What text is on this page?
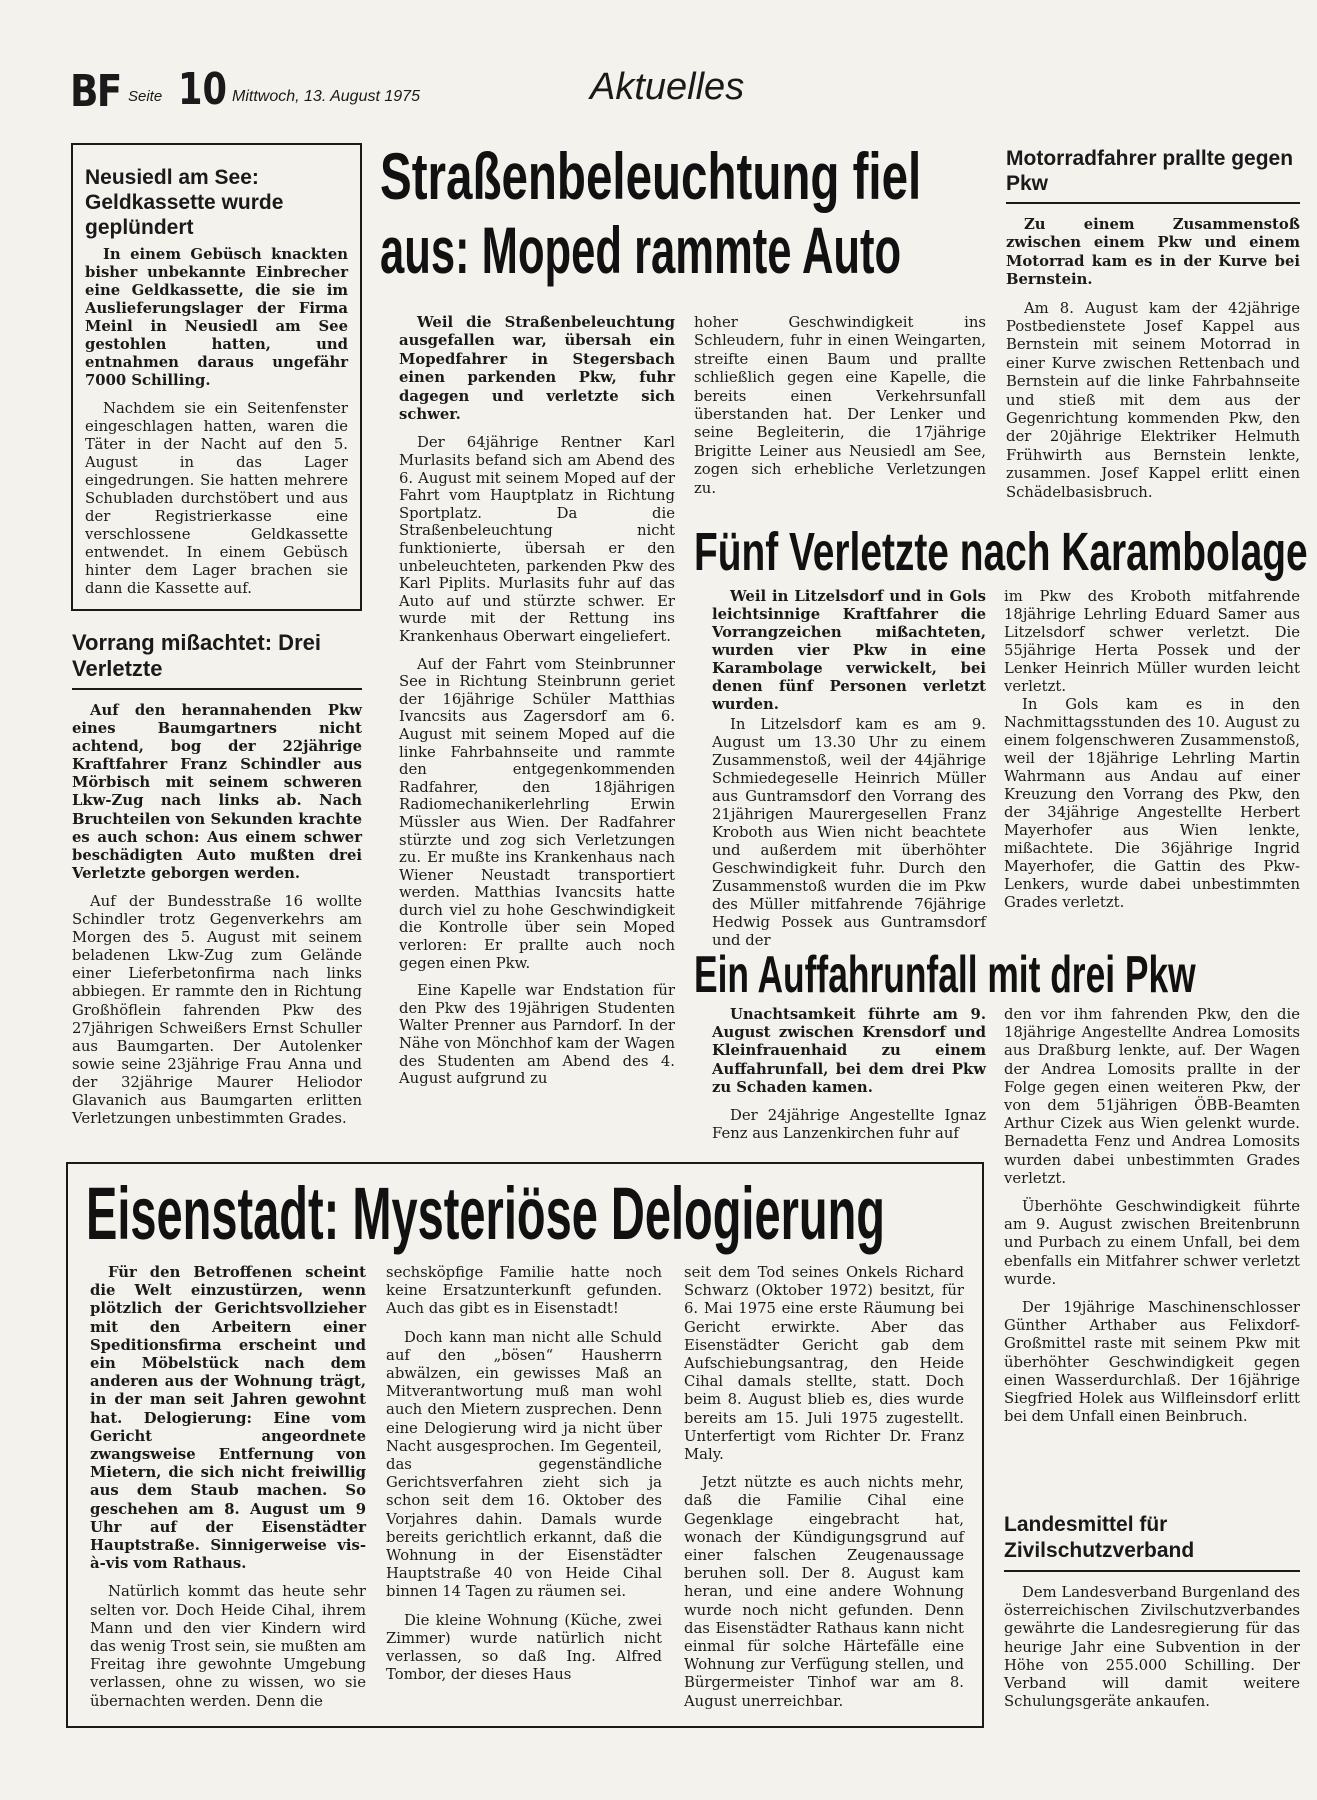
BF Seite 10 Mittwoch, 13. August 1975	Aktuelles
Neusiedl am See: Geldkassette wurde geplündert

In einem Gebüsch knackten bisher unbekannte Einbrecher eine Geldkassette, die sie im Auslieferungslager der Firma Meinl in Neusiedl am See gestohlen hatten, und entnahmen daraus ungefähr 7000 Schilling.

Nachdem sie ein Seitenfenster eingeschlagen hatten, waren die Täter in der Nacht auf den 5. August in das Lager eingedrungen. Sie hatten mehrere Schubladen durchstöbert und aus der Registrierkasse eine verschlossene Geldkassette entwendet. In einem Gebüsch hinter dem Lager brachen sie dann die Kassette auf.

Vorrang mißachtet: Drei Verletzte

Auf den herannahenden Pkw eines Baumgartners nicht achtend, bog der 22jährige Kraftfahrer Franz Schindler aus Mörbisch mit seinem schweren Lkw-Zug nach links ab. Nach Bruchteilen von Sekunden krachte es auch schon: Aus einem schwer beschädigten Auto mußten drei Verletzte geborgen werden.

Auf der Bundesstraße 16 wollte Schindler trotz Gegenverkehrs am Morgen des 5. August mit seinem beladenen Lkw-Zug zum Gelände einer Lieferbetonfirma nach links abbiegen. Er rammte den in Richtung Großhöflein fahrenden Pkw des 27jährigen Schweißers Ernst Schuller aus Baumgarten. Der Autolenker sowie seine 23jährige Frau Anna und der 32jährige Maurer Heliodor Glavanich aus Baumgarten erlitten Verletzungen unbestimmten Grades.

Straßenbeleuchtung fiel
aus: Moped rammte Auto

Weil die Straßenbeleuchtung ausgefallen war, übersah ein Mopedfahrer in Stegersbach einen parkenden Pkw, fuhr dagegen und verletzte sich schwer.

Der 64jährige Rentner Karl Murlasits befand sich am Abend des 6. August mit seinem Moped auf der Fahrt vom Hauptplatz in Richtung Sportplatz. Da die Straßenbeleuchtung nicht funktionierte, übersah er den unbeleuchteten, parkenden Pkw des Karl Piplits. Murlasits fuhr auf das Auto auf und stürzte schwer. Er wurde mit der Rettung ins Krankenhaus Oberwart eingeliefert.

Auf der Fahrt vom Steinbrunner See in Richtung Steinbrunn geriet der 16jährige Schüler Matthias Ivancsits aus Zagersdorf am 6. August mit seinem Moped auf die linke Fahrbahnseite und rammte den entgegenkommenden Radfahrer, den 18jährigen Radiomechanikerlehrling Erwin Müssler aus Wien. Der Radfahrer stürzte und zog sich Verletzungen zu. Er mußte ins Krankenhaus nach Wiener Neustadt transportiert werden. Matthias Ivancsits hatte durch viel zu hohe Geschwindigkeit die Kontrolle über sein Moped verloren: Er prallte auch noch gegen einen Pkw.

Eine Kapelle war Endstation für den Pkw des 19jährigen Studenten Walter Prenner aus Parndorf. In der Nähe von Mönchhof kam der Wagen des Studenten am Abend des 4. August aufgrund zu

hoher Geschwindigkeit ins Schleudern, fuhr in einen Weingarten, streifte einen Baum und prallte schließlich gegen eine Kapelle, die bereits einen Verkehrsunfall überstanden hat. Der Lenker und seine Begleiterin, die 17jährige Brigitte Leiner aus Neusiedl am See, zogen sich erhebliche Verletzungen zu.

Motorradfahrer prallte gegen Pkw

Zu einem Zusammenstoß zwischen einem Pkw und einem Motorrad kam es in der Kurve bei Bernstein.

Am 8. August kam der 42jährige Postbedienstete Josef Kappel aus Bernstein mit seinem Motorrad in einer Kurve zwischen Rettenbach und Bernstein auf die linke Fahrbahnseite und stieß mit dem aus der Gegenrichtung kommenden Pkw, den der 20jährige Elektriker Helmuth Frühwirth aus Bernstein lenkte, zusammen. Josef Kappel erlitt einen Schädelbasisbruch.

Fünf Verletzte nach Karambolage

Weil in Litzelsdorf und in Gols leichtsinnige Kraftfahrer die Vorrangzeichen mißachteten, wurden vier Pkw in eine Karambolage verwickelt, bei denen fünf Personen verletzt wurden.

In Litzelsdorf kam es am 9. August um 13.30 Uhr zu einem Zusammenstoß, weil der 44jährige Schmiedegeselle Heinrich Müller aus Guntramsdorf den Vorrang des 21jährigen Maurergesellen Franz Kroboth aus Wien nicht beachtete und außerdem mit überhöhter Geschwindigkeit fuhr. Durch den Zusammenstoß wurden die im Pkw des Müller mitfahrende 76jährige Hedwig Possek aus Guntramsdorf und der

im Pkw des Kroboth mitfahrende 18jährige Lehrling Eduard Samer aus Litzelsdorf schwer verletzt. Die 55jährige Herta Possek und der Lenker Heinrich Müller wurden leicht verletzt.

In Gols kam es in den Nachmittagsstunden des 10. August zu einem folgenschweren Zusammenstoß, weil der 18jährige Lehrling Martin Wahrmann aus Andau auf einer Kreuzung den Vorrang des Pkw, den der 34jährige Angestellte Herbert Mayerhofer aus Wien lenkte, mißachtete. Die 36jährige Ingrid Mayerhofer, die Gattin des Pkw-Lenkers, wurde dabei unbestimmten Grades verletzt.

Ein Auffahrunfall mit drei Pkw

Unachtsamkeit führte am 9. August zwischen Krensdorf und Kleinfrauenhaid zu einem Auffahrunfall, bei dem drei Pkw zu Schaden kamen.

Der 24jährige Angestellte Ignaz Fenz aus Lanzenkirchen fuhr auf

den vor ihm fahrenden Pkw, den die 18jährige Angestellte Andrea Lomosits aus Draßburg lenkte, auf. Der Wagen der Andrea Lomosits prallte in der Folge gegen einen weiteren Pkw, der von dem 51jährigen ÖBB-Beamten Arthur Cizek aus Wien gelenkt wurde. Bernadetta Fenz und Andrea Lomosits wurden dabei unbestimmten Grades verletzt.

Überhöhte Geschwindigkeit führte am 9. August zwischen Breitenbrunn und Purbach zu einem Unfall, bei dem ebenfalls ein Mitfahrer schwer verletzt wurde.

Der 19jährige Maschinenschlosser Günther Arthaber aus Felixdorf-Großmittel raste mit seinem Pkw mit überhöhter Geschwindigkeit gegen einen Wasserdurchlaß. Der 16jährige Siegfried Holek aus Wilfleinsdorf erlitt bei dem Unfall einen Beinbruch.

Eisenstadt: Mysteriöse Delogierung

Für den Betroffenen scheint die Welt einzustürzen, wenn plötzlich der Gerichtsvollzieher mit den Arbeitern einer Speditionsfirma erscheint und ein Möbelstück nach dem anderen aus der Wohnung trägt, in der man seit Jahren gewohnt hat. Delogierung: Eine vom Gericht angeordnete zwangsweise Entfernung von Mietern, die sich nicht freiwillig aus dem Staub machen. So geschehen am 8. August um 9 Uhr auf der Eisenstädter Hauptstraße. Sinnigerweise vis-à-vis vom Rathaus.

Natürlich kommt das heute sehr selten vor. Doch Heide Cihal, ihrem Mann und den vier Kindern wird das wenig Trost sein, sie mußten am Freitag ihre gewohnte Umgebung verlassen, ohne zu wissen, wo sie übernachten werden. Denn die

sechsköpfige Familie hatte noch keine Ersatzunterkunft gefunden. Auch das gibt es in Eisenstadt!

Doch kann man nicht alle Schuld auf den „bösen“ Hausherrn abwälzen, ein gewisses Maß an Mitverantwortung muß man wohl auch den Mietern zusprechen. Denn eine Delogierung wird ja nicht über Nacht ausgesprochen. Im Gegenteil, das gegenständliche Gerichtsverfahren zieht sich ja schon seit dem 16. Oktober des Vorjahres dahin. Damals wurde bereits gerichtlich erkannt, daß die Wohnung in der Eisenstädter Hauptstraße 40 von Heide Cihal binnen 14 Tagen zu räumen sei.

Die kleine Wohnung (Küche, zwei Zimmer) wurde natürlich nicht verlassen, so daß Ing. Alfred Tombor, der dieses Haus

seit dem Tod seines Onkels Richard Schwarz (Oktober 1972) besitzt, für 6. Mai 1975 eine erste Räumung bei Gericht erwirkte. Aber das Eisenstädter Gericht gab dem Aufschiebungsantrag, den Heide Cihal damals stellte, statt. Doch beim 8. August blieb es, dies wurde bereits am 15. Juli 1975 zugestellt. Unterfertigt vom Richter Dr. Franz Maly.

Jetzt nützte es auch nichts mehr, daß die Familie Cihal eine Gegenklage eingebracht hat, wonach der Kündigungsgrund auf einer falschen Zeugenaussage beruhen soll. Der 8. August kam heran, und eine andere Wohnung wurde noch nicht gefunden. Denn das Eisenstädter Rathaus kann nicht einmal für solche Härtefälle eine Wohnung zur Verfügung stellen, und Bürgermeister Tinhof war am 8. August unerreichbar.

Landesmittel für Zivilschutzverband

Dem Landesverband Burgenland des österreichischen Zivilschutzverbandes gewährte die Landesregierung für das heurige Jahr eine Subvention in der Höhe von 255.000 Schilling. Der Verband will damit weitere Schulungsgeräte ankaufen.
